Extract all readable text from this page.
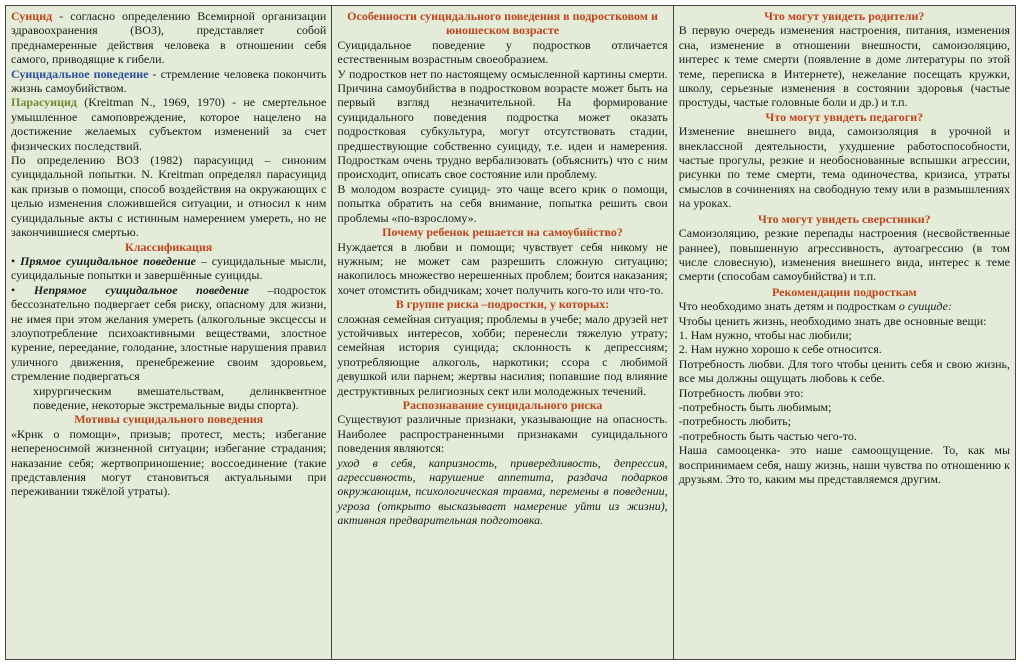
Суицид - согласно определению Всемирной организации здравоохранения (ВОЗ), представляет собой преднамеренные действия человека в отношении себя самого, приводящие к гибели.

Суицидальное поведение - стремление человека покончить жизнь самоубийством.

Парасуицид (Kreitman N., 1969, 1970) - не смертельное умышленное самоповреждение, которое нацелено на достижение желаемых субъектом изменений за счет физических последствий.

По определению ВОЗ (1982) парасуицид – синоним суицидальной попытки. N. Kreitman определял парасуицид как призыв о помощи, способ воздействия на окружающих с целью изменения сложившейся ситуации, и относил к ним суицидальные акты с истинным намерением умереть, но не закончившиеся смертью.

Классификация

• Прямое суицидальное поведение – суицидальные мысли, суицидальные попытки и завершённые суициды.

• Непрямое суицидальное поведение –подросток бессознательно подвергает себя риску, опасному для жизни, не имея при этом желания умереть (алкогольные эксцессы и злоупотребление психоактивными веществами, злостное курение, переедание, голодание, злостные нарушения правил уличного движения, пренебрежение своим здоровьем, стремление подвергаться

хирургическим вмешательствам, делинквентное поведение, некоторые экстремальные виды спорта).

Мотивы суицидального поведения

«Крик о помощи», призыв; протест, месть; избегание непереносимой жизненной ситуации; избегание страдания; наказание себя; жертвоприношение; воссоединение (такие представления могут становиться актуальными при переживании тяжёлой утраты).

Особенности суицидального поведения в подростковом и юношеском возрасте

Суицидальное поведение у подростков отличается естественным возрастным своеобразием.

У подростков нет по настоящему осмысленной картины смерти. Причина самоубийства в подростковом возрасте может быть на первый взгляд незначительной. На формирование суицидального поведения подростка может оказать подростковая субкультура, могут отсутствовать стадии, предшествующие собственно суициду, т.е. идеи и намерения. Подросткам очень трудно вербализовать (объяснить) что с ним происходит, описать свое состояние или проблему.

В молодом возрасте суицид- это чаще всего крик о помощи, попытка обратить на себя внимание, попытка решить свои проблемы «по-взрослому».

Почему ребенок решается на самоубийство?

Нуждается в любви и помощи; чувствует себя никому не нужным; не может сам разрешить сложную ситуацию; накопилось множество нерешенных проблем; боится наказания; хочет отомстить обидчикам; хочет получить кого-то или что-то.

В группе риска –подростки, у которых:

сложная семейная ситуация; проблемы в учебе; мало друзей нет устойчивых интересов, хобби; перенесли тяжелую утрату; семейная история суицида; склонность к депрессиям; употребляющие алкоголь, наркотики; ссора с любимой девушкой или парнем; жертвы насилия; попавшие под влияние деструктивных религиозных сект или молодежных течений.

Распознавание суицидального риска

Существуют различные признаки, указывающие на опасность. Наиболее распространенными признаками суицидального поведения являются:

уход в себя, капризность, привередливость, депрессия, агрессивность, нарушение аппетита, раздача подарков окружающим, психологическая травма, перемены в поведении, угроза (открыто высказывает намерение уйти из жизни), активная предварительная подготовка.

Что могут увидеть родители?

В первую очередь изменения настроения, питания, изменения сна, изменение в отношении внешности, самоизоляцию, интерес к теме смерти (появление в доме литературы по этой теме, переписка в Интернете), нежелание посещать кружки, школу, серьезные изменения в состоянии здоровья (частые простуды, частые головные боли и др.) и т.п.

Что могут увидеть педагоги?

Изменение внешнего вида, самоизоляция в урочной и внеклассной деятельности, ухудшение работоспособности, частые прогулы, резкие и необоснованные вспышки агрессии, рисунки по теме смерти, тема одиночества, кризиса, утраты смыслов в сочинениях на свободную тему или в размышлениях на уроках.

Что могут увидеть сверстники?

Самоизоляцию, резкие перепады настроения (несвойственные раннее), повышенную агрессивность, аутоагрессию (в том числе словесную), изменения внешнего вида, интерес к теме смерти (способам самоубийства) и т.п.

Рекомендации подросткам

Что необходимо знать детям и подросткам о суициде:

Чтобы ценить жизнь, необходимо знать две основные вещи:

1. Нам нужно, чтобы нас любили;

2. Нам нужно хорошо к себе относится.

Потребность любви. Для того чтобы ценить себя и свою жизнь, все мы должны ощущать любовь к себе.

Потребность любви это:

-потребность быть любимым;

-потребность любить;

-потребность быть частью чего-то.

Наша самооценка- это наше самоощущение. То, как мы воспринимаем себя, нашу жизнь, наши чувства по отношению к друзьям. Это то, каким мы представляемся другим.
